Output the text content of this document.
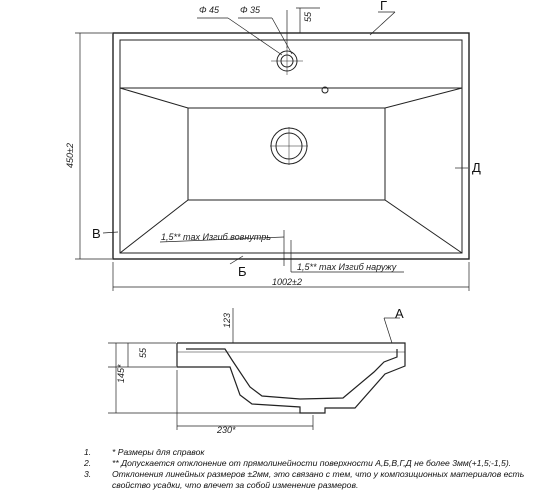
Φ 45 Φ 35
55
Г
Д
В
450±2
1,5** max Изгиб вовнутрь
Б	1,5** max Изгиб наружу
1002±2
А
123
55
145*
230*
1.	* Размеры для справок
2.	** Допускается отклонение от прямолинейности поверхности А,Б,В,Г,Д не более 3мм(+1,5;-1,5).
3.	Отклонения линейных размеров ±2мм, это связано с тем, что у композиционных материалов есть свойство усадки, что влечет за собой изменение размеров.
